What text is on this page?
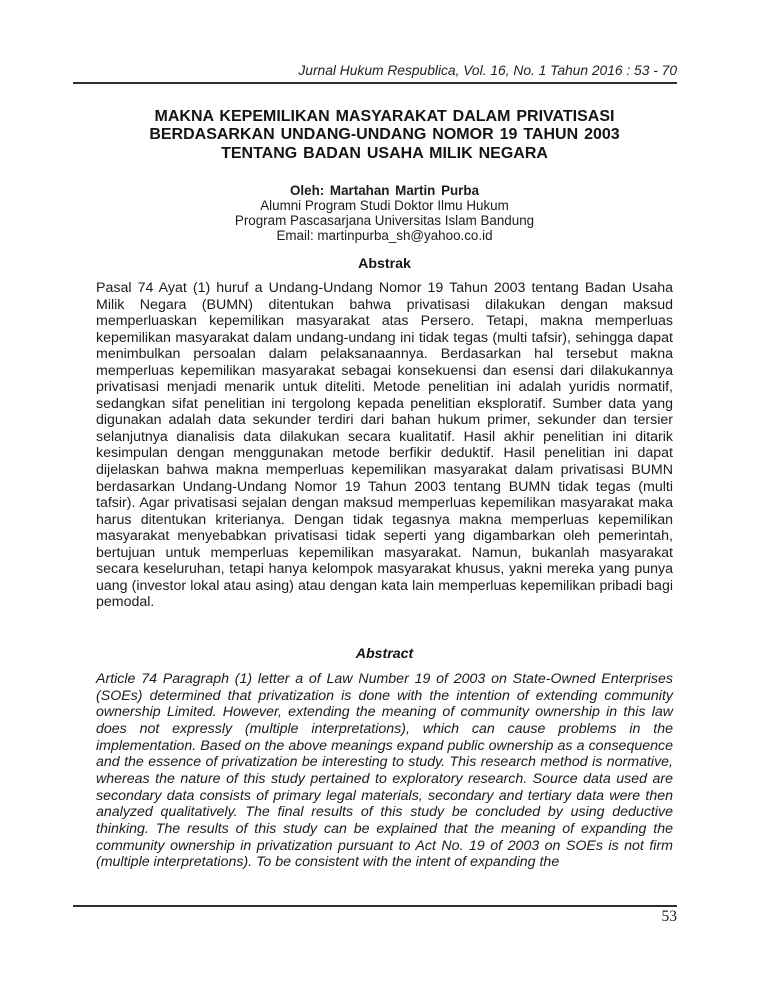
Jurnal Hukum Respublica, Vol. 16, No. 1 Tahun 2016 : 53 - 70
MAKNA KEPEMILIKAN MASYARAKAT DALAM PRIVATISASI
BERDASARKAN UNDANG-UNDANG NOMOR 19 TAHUN 2003
TENTANG BADAN USAHA MILIK NEGARA
Oleh: Martahan Martin Purba
Alumni Program Studi Doktor Ilmu Hukum
Program Pascasarjana Universitas Islam Bandung
Email: martinpurba_sh@yahoo.co.id
Abstrak

Pasal 74 Ayat (1) huruf a Undang-Undang Nomor 19 Tahun 2003 tentang Badan Usaha Milik Negara (BUMN) ditentukan bahwa privatisasi dilakukan dengan maksud memperluaskan kepemilikan masyarakat atas Persero. Tetapi, makna memperluas kepemilikan masyarakat dalam undang-undang ini tidak tegas (multi tafsir), sehingga dapat menimbulkan persoalan dalam pelaksanaannya. Berdasarkan hal tersebut makna memperluas kepemilikan masyarakat sebagai konsekuensi dan esensi dari dilakukannya privatisasi menjadi menarik untuk diteliti. Metode penelitian ini adalah yuridis normatif, sedangkan sifat penelitian ini tergolong kepada penelitian eksploratif. Sumber data yang digunakan adalah data sekunder terdiri dari bahan hukum primer, sekunder dan tersier selanjutnya dianalisis data dilakukan secara kualitatif. Hasil akhir penelitian ini ditarik kesimpulan dengan menggunakan metode berfikir deduktif. Hasil penelitian ini dapat dijelaskan bahwa makna memperluas kepemilikan masyarakat dalam privatisasi BUMN berdasarkan Undang-Undang Nomor 19 Tahun 2003 tentang BUMN tidak tegas (multi tafsir). Agar privatisasi sejalan dengan maksud memperluas kepemilikan masyarakat maka harus ditentukan kriterianya. Dengan tidak tegasnya makna memperluas kepemilikan masyarakat menyebabkan privatisasi tidak seperti yang digambarkan oleh pemerintah, bertujuan untuk memperluas kepemilikan masyarakat. Namun, bukanlah masyarakat secara keseluruhan, tetapi hanya kelompok masyarakat khusus, yakni mereka yang punya uang (investor lokal atau asing) atau dengan kata lain memperluas kepemilikan pribadi bagi pemodal.

Abstract

Article 74 Paragraph (1) letter a of Law Number 19 of 2003 on State-Owned Enterprises (SOEs) determined that privatization is done with the intention of extending community ownership Limited. However, extending the meaning of community ownership in this law does not expressly (multiple interpretations), which can cause problems in the implementation. Based on the above meanings expand public ownership as a consequence and the essence of privatization be interesting to study. This research method is normative, whereas the nature of this study pertained to exploratory research. Source data used are secondary data consists of primary legal materials, secondary and tertiary data were then analyzed qualitatively. The final results of this study be concluded by using deductive thinking. The results of this study can be explained that the meaning of expanding the community ownership in privatization pursuant to Act No. 19 of 2003 on SOEs is not firm (multiple interpretations). To be consistent with the intent of expanding the

53
